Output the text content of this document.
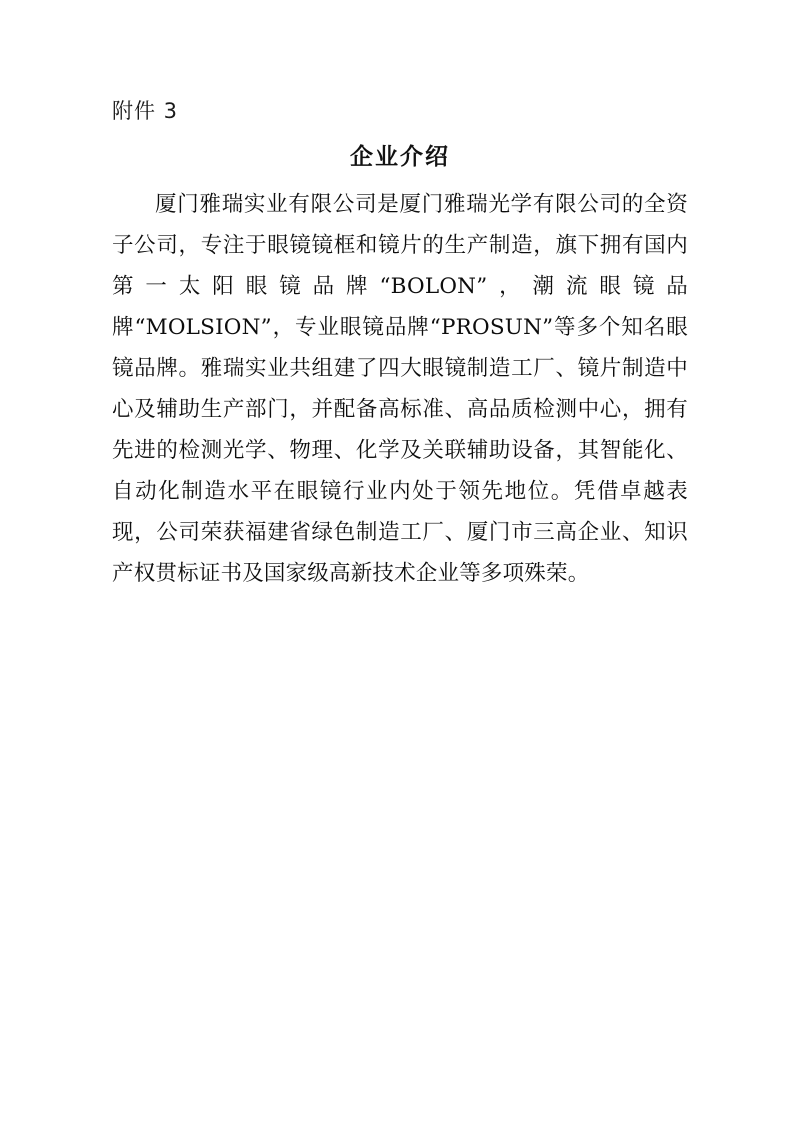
附件 3
企业介绍

厦门雅瑞实业有限公司是厦门雅瑞光学有限公司的全资子公司，专注于眼镜镜框和镜片的生产制造，旗下拥有国内第一太阳眼镜品牌“BOLON”，潮流眼镜品牌“MOLSION”，专业眼镜品牌“PROSUN”等多个知名眼镜品牌。雅瑞实业共组建了四大眼镜制造工厂、镜片制造中心及辅助生产部门，并配备高标准、高品质检测中心，拥有先进的检测光学、物理、化学及关联辅助设备，其智能化、自动化制造水平在眼镜行业内处于领先地位。凭借卓越表现，公司荣获福建省绿色制造工厂、厦门市三高企业、知识产权贯标证书及国家级高新技术企业等多项殊荣。
